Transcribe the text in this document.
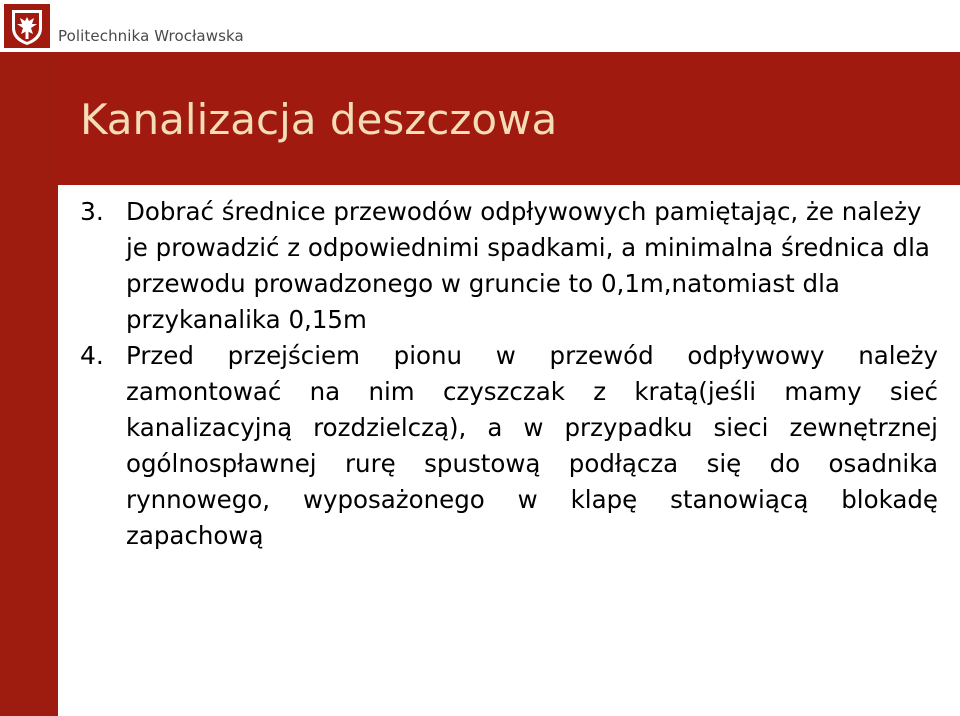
Politechnika Wrocławska
Kanalizacja deszczowa
3. Dobrać średnice przewodów odpływowych pamiętając, że należy je prowadzić z odpowiednimi spadkami, a minimalna średnica dla przewodu prowadzonego w gruncie to 0,1m,natomiast dla przykanalika 0,15m
4. Przed przejściem pionu w przewód odpływowy należy zamontować na nim czyszczak z kratą(jeśli mamy sieć kanalizacyjną rozdzielczą), a w przypadku sieci zewnętrznej ogólnospławnej rurę spustową podłącza się do osadnika rynnowego, wyposażonego w klapę stanowiącą blokadę zapachową
